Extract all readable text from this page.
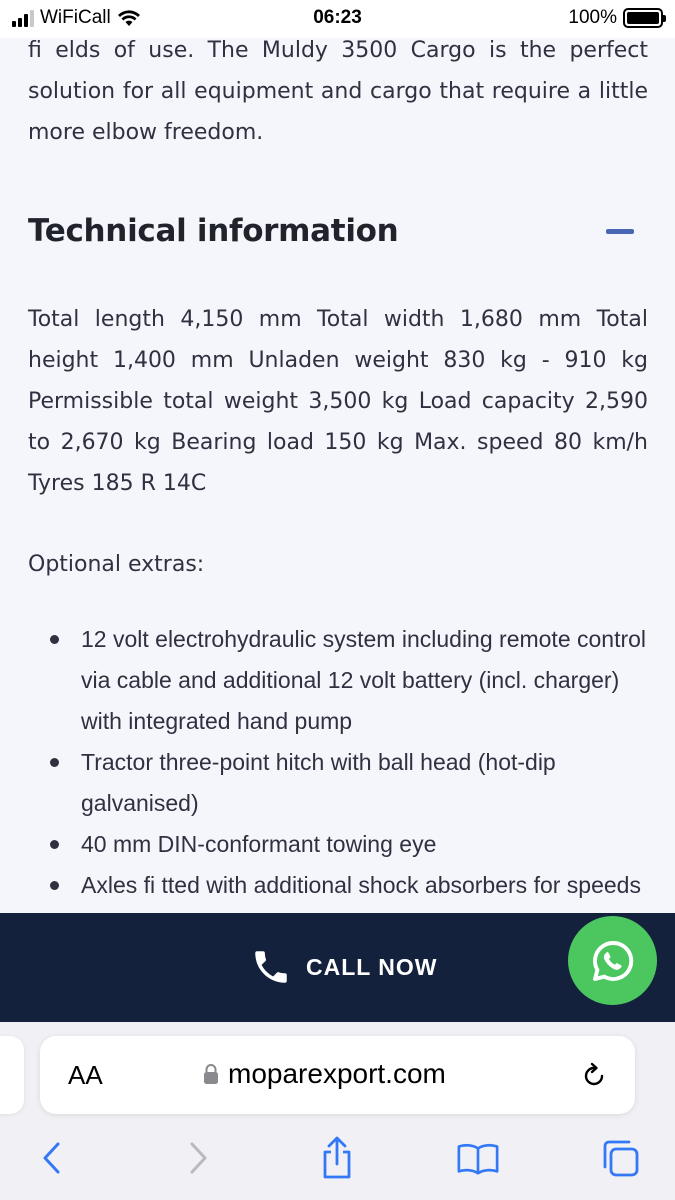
WiFiCall	06:23	100%

fi elds of use. The Muldy 3500 Cargo is the perfect solution for all equipment and cargo that require a little more elbow freedom.

Technical information

Total length 4,150 mm Total width 1,680 mm Total height 1,400 mm Unladen weight 830 kg - 910 kg Permissible total weight 3,500 kg Load capacity 2,590 to 2,670 kg Bearing load 150 kg Max. speed 80 km/h Tyres 185 R 14C

Optional extras:

12 volt electrohydraulic system including remote control via cable and additional 12 volt battery (incl. charger) with integrated hand pump
Tractor three-point hitch with ball head (hot-dip galvanised)
40 mm DIN-conformant towing eye
Axles fi tted with additional shock absorbers for speeds
CALL NOW
AA	moparexport.com
